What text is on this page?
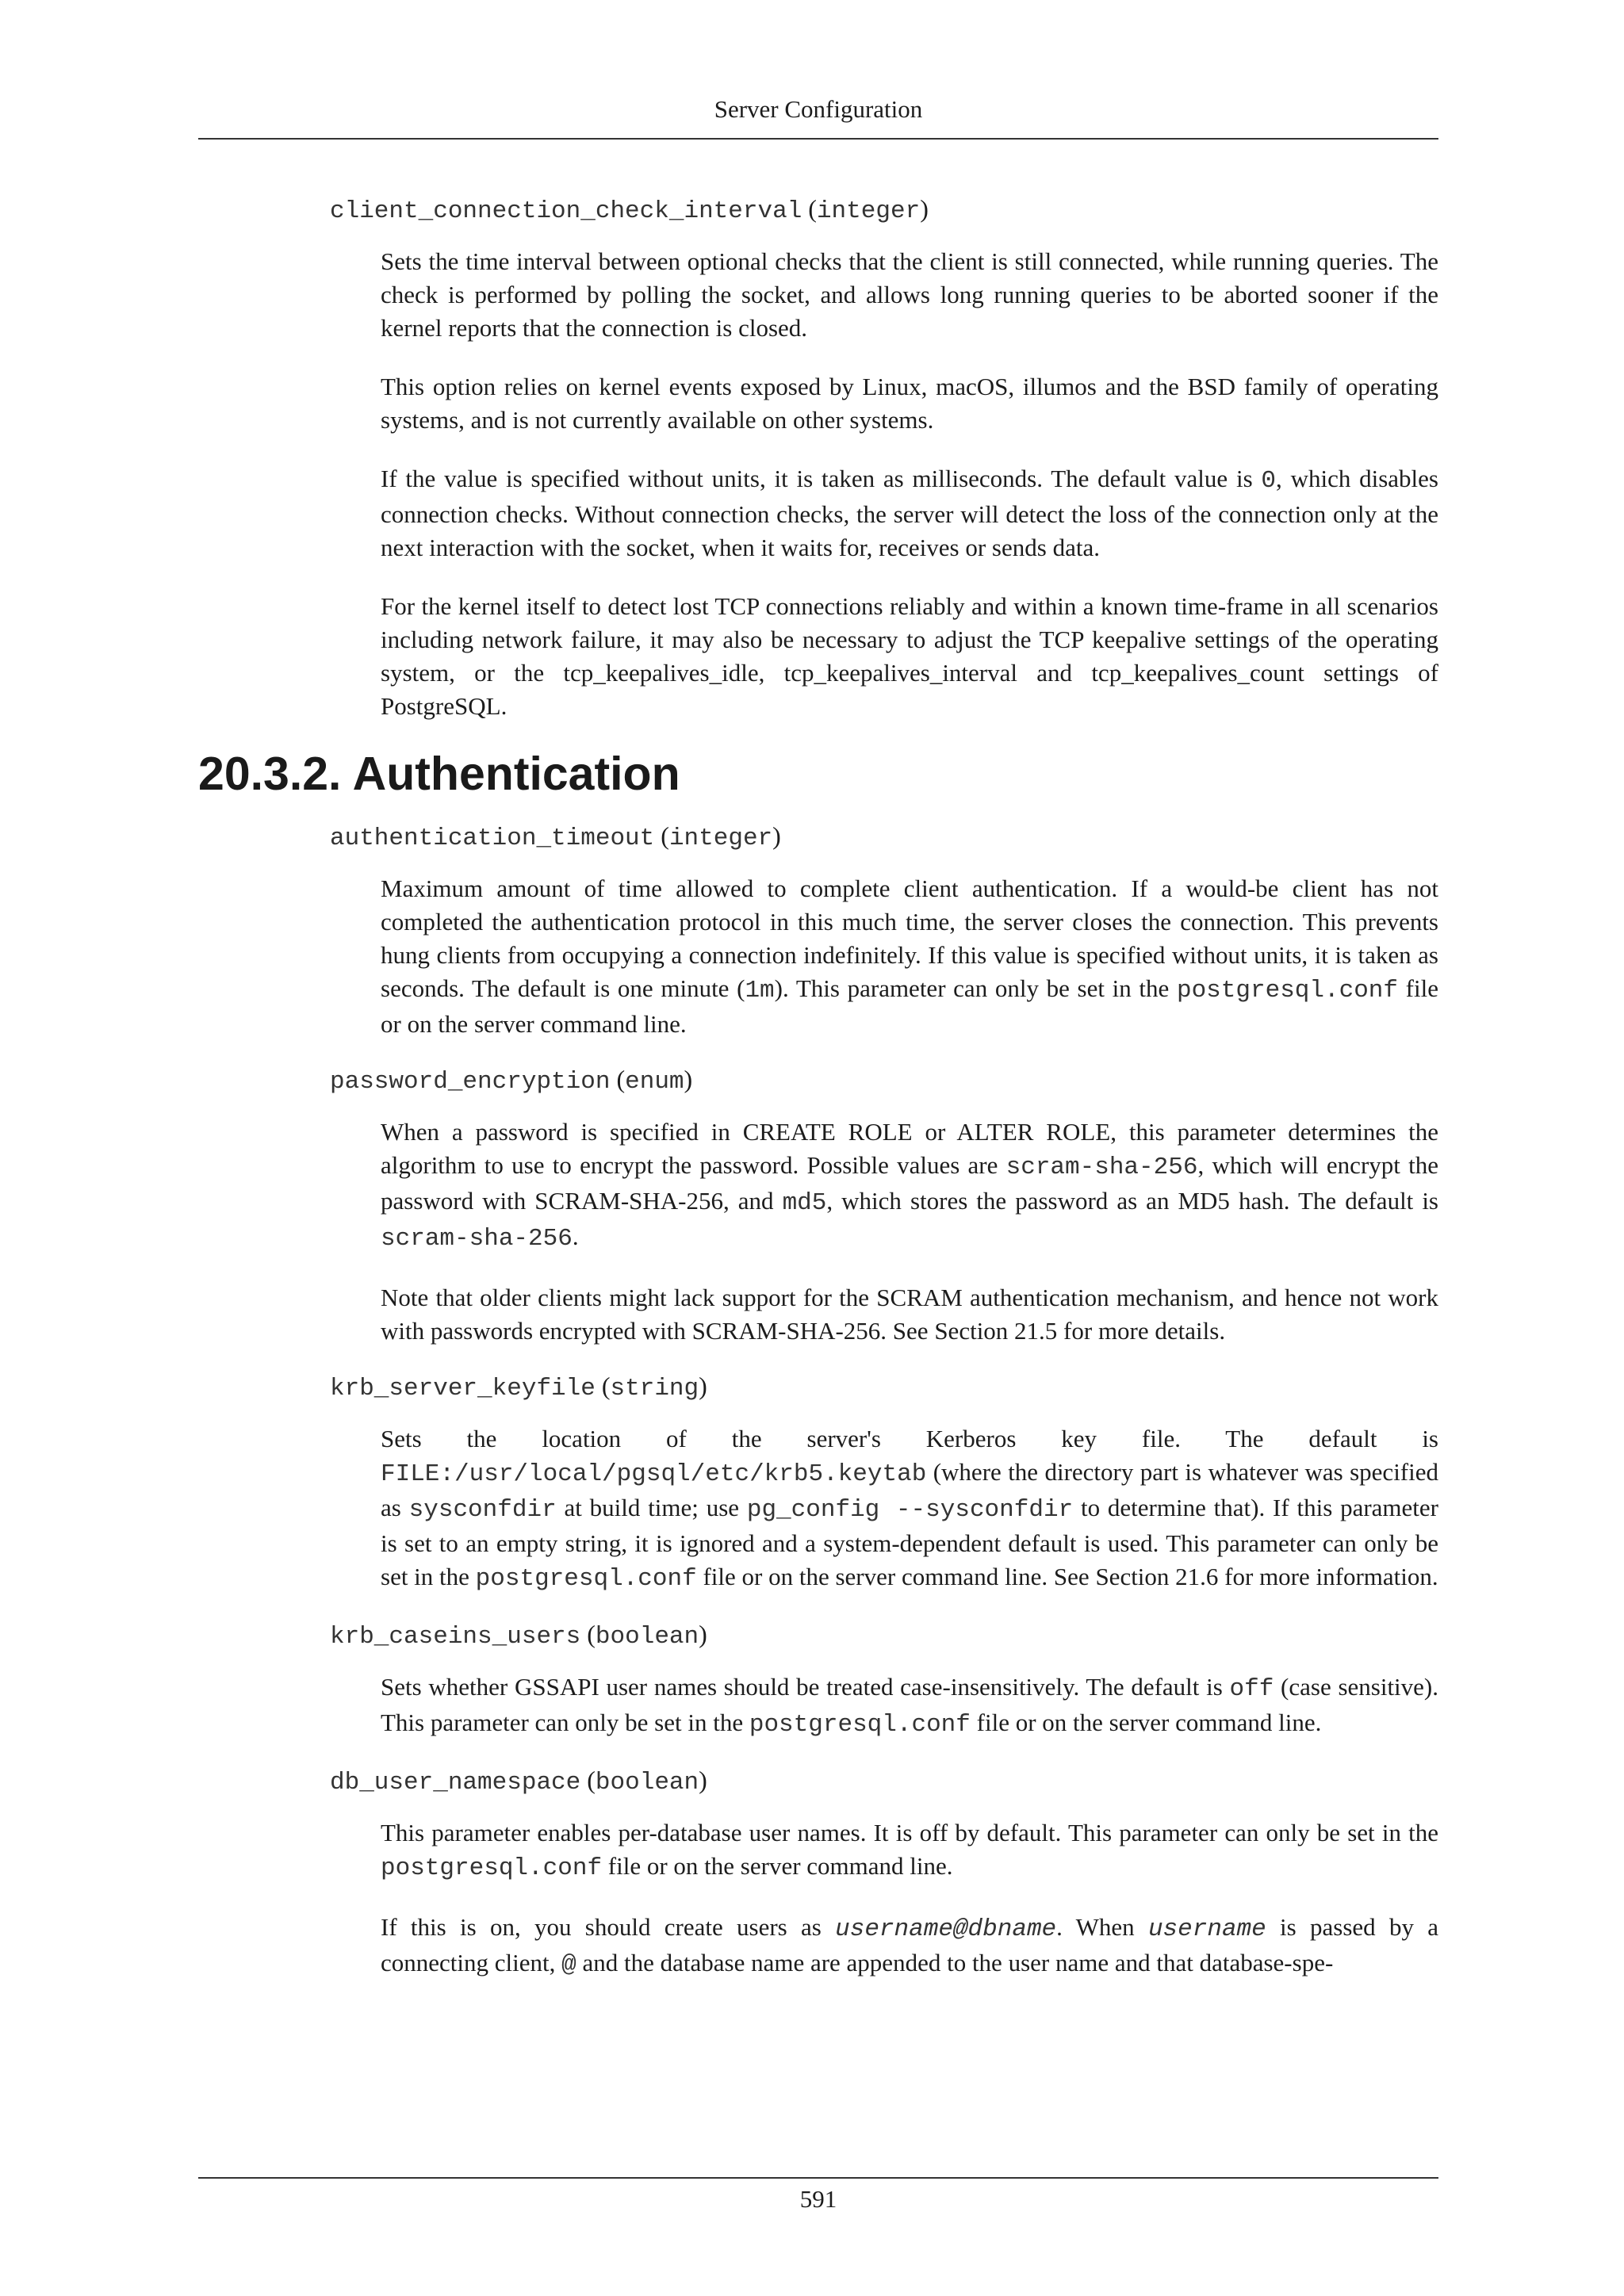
Server Configuration
client_connection_check_interval (integer)

Sets the time interval between optional checks that the client is still connected, while running queries. The check is performed by polling the socket, and allows long running queries to be aborted sooner if the kernel reports that the connection is closed.

This option relies on kernel events exposed by Linux, macOS, illumos and the BSD family of operating systems, and is not currently available on other systems.

If the value is specified without units, it is taken as milliseconds. The default value is 0, which disables connection checks. Without connection checks, the server will detect the loss of the connection only at the next interaction with the socket, when it waits for, receives or sends data.

For the kernel itself to detect lost TCP connections reliably and within a known time-frame in all scenarios including network failure, it may also be necessary to adjust the TCP keepalive settings of the operating system, or the tcp_keepalives_idle, tcp_keepalives_interval and tcp_keepalives_count settings of PostgreSQL.

20.3.2. Authentication
authentication_timeout (integer)

Maximum amount of time allowed to complete client authentication. If a would-be client has not completed the authentication protocol in this much time, the server closes the connection. This prevents hung clients from occupying a connection indefinitely. If this value is specified without units, it is taken as seconds. The default is one minute (1m). This parameter can only be set in the postgresql.conf file or on the server command line.

password_encryption (enum)

When a password is specified in CREATE ROLE or ALTER ROLE, this parameter determines the algorithm to use to encrypt the password. Possible values are scram-sha-256, which will encrypt the password with SCRAM-SHA-256, and md5, which stores the password as an MD5 hash. The default is scram-sha-256.

Note that older clients might lack support for the SCRAM authentication mechanism, and hence not work with passwords encrypted with SCRAM-SHA-256. See Section 21.5 for more details.

krb_server_keyfile (string)

Sets the location of the server's Kerberos key file. The default is FILE:/usr/local/pgsql/etc/krb5.keytab (where the directory part is whatever was specified as sysconfdir at build time; use pg_config --sysconfdir to determine that). If this parameter is set to an empty string, it is ignored and a system-dependent default is used. This parameter can only be set in the postgresql.conf file or on the server command line. See Section 21.6 for more information.

krb_caseins_users (boolean)

Sets whether GSSAPI user names should be treated case-insensitively. The default is off (case sensitive). This parameter can only be set in the postgresql.conf file or on the server command line.

db_user_namespace (boolean)

This parameter enables per-database user names. It is off by default. This parameter can only be set in the postgresql.conf file or on the server command line.

If this is on, you should create users as username@dbname. When username is passed by a connecting client, @ and the database name are appended to the user name and that database-spe-

591
